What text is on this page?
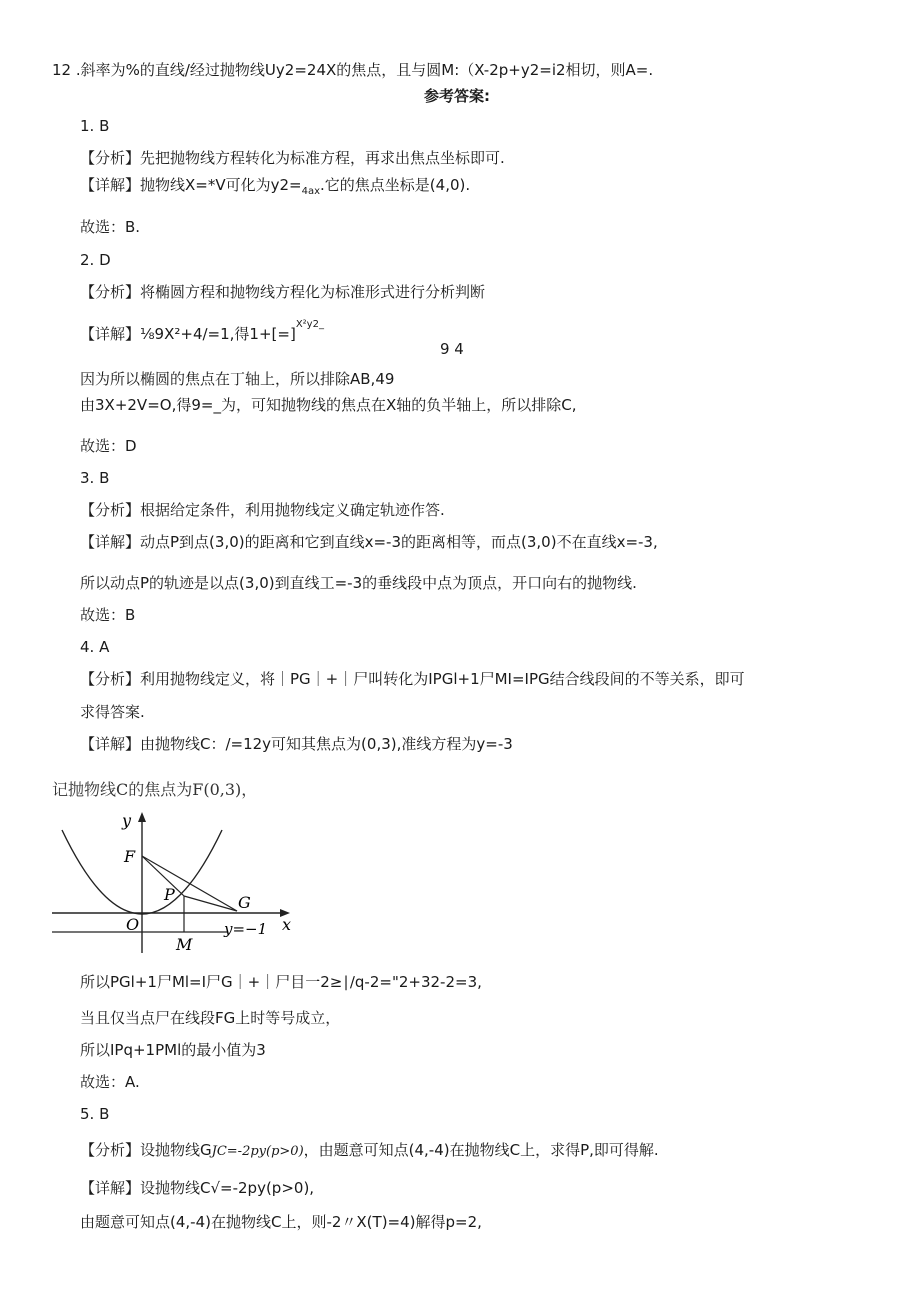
12 .斜率为%的直线/经过抛物线Uy2=24X的焦点，且与圆M:（X-2p+y2=i2相切，则A=.
参考答案:
1. B
【分析】先把抛物线方程转化为标准方程，再求出焦点坐标即可.
【详解】抛物线X=*V可化为$y2=_{4ax}$.它的焦点坐标是(4,0).
故选：B.
2. D
【分析】将椭圆方程和抛物线方程化为标准形式进行分析判断
【详解】⅛9X²+4∕=1,得1+[=]$^{X^2y2\_}$
9 4
因为所以椭圆的焦点在丁轴上，所以排除AB,49
由3X+2V=O,得9=_为，可知抛物线的焦点在X轴的负半轴上，所以排除C,
故选：D
3. B
【分析】根据给定条件，利用抛物线定义确定轨迹作答.
【详解】动点P到点(3,0)的距离和它到直线x=-3的距离相等，而点(3,0)不在直线x=-3,
所以动点P的轨迹是以点(3,0)到直线工=-3的垂线段中点为顶点，开口向右的抛物线.
故选：B
4. A
【分析】利用抛物线定义，将｜PG｜+｜尸叫转化为IPGl+1尸MI=IPG结合线段间的不等关系，即可
求得答案.
【详解】由抛物线C：/=12y可知其焦点为(0,3),准线方程为y=-3
记抛物线C的焦点为F(0,3)，
y
x
F
P	G
O
M
y=−1
所以PGl+1尸Ml=I尸G｜+｜尸目一2≥∣∕q-2="2+32-2=3,
当且仅当点尸在线段FG上时等号成立，
所以IPq+1PMl的最小值为3
故选：A.
5. B
【分析】设抛物线GJC=-2py(p>0)，由题意可知点(4,-4)在抛物线C上，求得P,即可得解.
【详解】设抛物线C√=-2py(p>0),
由题意可知点(4,-4)在抛物线C上，则-2〃X(T)=4)解得p=2,
